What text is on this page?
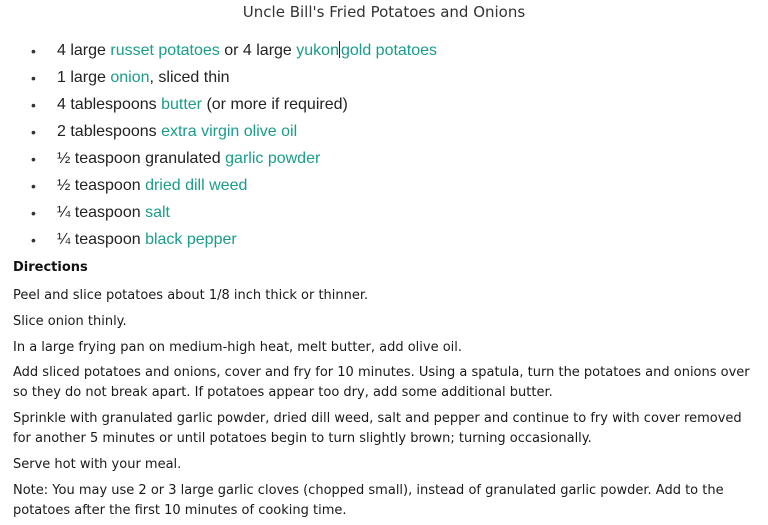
Uncle Bill's Fried Potatoes and Onions
• 4 large russet potatoes or 4 large yukon gold potatoes
• 1 large onion, sliced thin
• 4 tablespoons butter (or more if required)
• 2 tablespoons extra virgin olive oil
• ½ teaspoon granulated garlic powder
• ½ teaspoon dried dill weed
• ¼ teaspoon salt
• ¼ teaspoon black pepper
Directions

Peel and slice potatoes about 1/8 inch thick or thinner.

Slice onion thinly.

In a large frying pan on medium-high heat, melt butter, add olive oil.

Add sliced potatoes and onions, cover and fry for 10 minutes. Using a spatula, turn the potatoes and onions over so they do not break apart. If potatoes appear too dry, add some additional butter.

Sprinkle with granulated garlic powder, dried dill weed, salt and pepper and continue to fry with cover removed for another 5 minutes or until potatoes begin to turn slightly brown; turning occasionally.

Serve hot with your meal.

Note: You may use 2 or 3 large garlic cloves (chopped small), instead of granulated garlic powder. Add to the potatoes after the first 10 minutes of cooking time.
